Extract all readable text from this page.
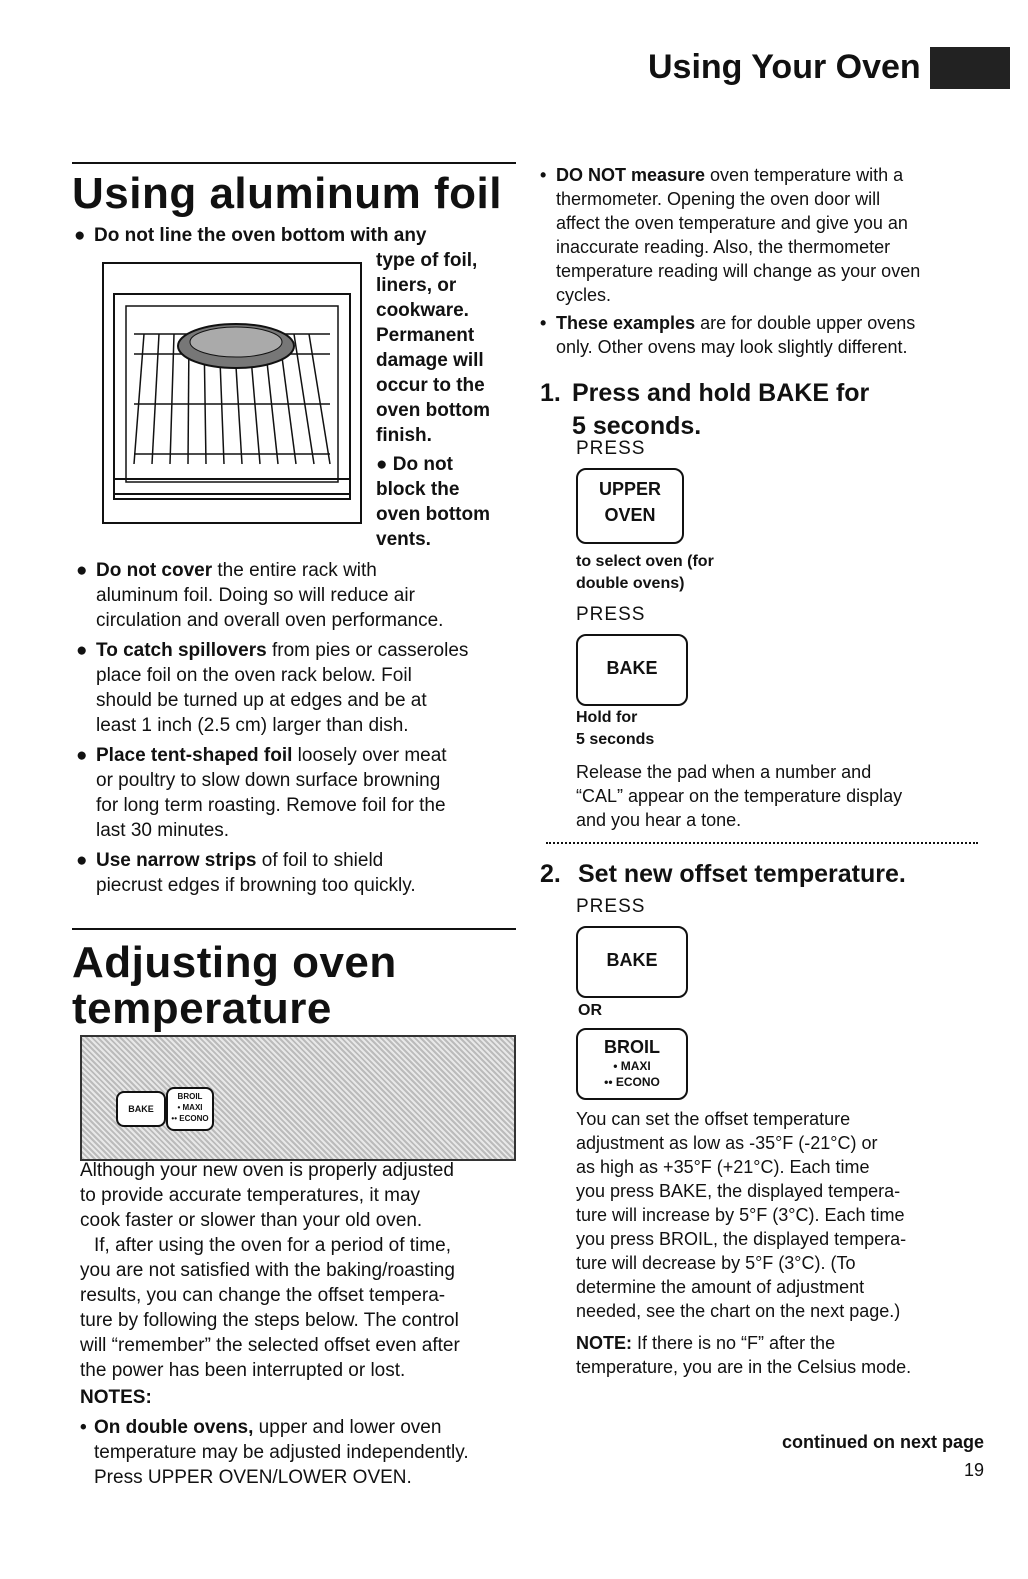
Using Your Oven
Using aluminum foil
● Do not line the oven bottom with any
type of foil,
liners, or
cookware.
Permanent
damage will
occur to the
oven bottom
finish.
● Do not
block the
oven bottom
vents.
● Do not cover the entire rack with
aluminum foil. Doing so will reduce air
circulation and overall oven performance.
● To catch spillovers from pies or casseroles
place foil on the oven rack below. Foil
should be turned up at edges and be at
least 1 inch (2.5 cm) larger than dish.
● Place tent-shaped foil loosely over meat
or poultry to slow down surface browning
for long term roasting. Remove foil for the
last 30 minutes.
● Use narrow strips of foil to shield
piecrust edges if browning too quickly.
Adjusting oven
temperature
BAKE
BROIL
• MAXI
•• ECONO
Although your new oven is properly adjusted
to provide accurate temperatures, it may
cook faster or slower than your old oven.
If, after using the oven for a period of time,
you are not satisfied with the baking/roasting
results, you can change the offset tempera-
ture by following the steps below. The control
will “remember” the selected offset even after
the power has been interrupted or lost.
NOTES:
• On double ovens, upper and lower oven
temperature may be adjusted independently.
Press UPPER OVEN/LOWER OVEN.
• DO NOT measure oven temperature with a
thermometer. Opening the oven door will
affect the oven temperature and give you an
inaccurate reading. Also, the thermometer
temperature reading will change as your oven
cycles.
• These examples are for double upper ovens
only. Other ovens may look slightly different.
1. Press and hold BAKE for
5 seconds.
PRESS
UPPER
OVEN
to select oven (for
double ovens)
PRESS
BAKE
Hold for
5 seconds
Release the pad when a number and
“CAL” appear on the temperature display
and you hear a tone.
2. Set new offset temperature.
PRESS
BAKE
OR
BROIL
• MAXI
•• ECONO
You can set the offset temperature
adjustment as low as -35°F (-21°C) or
as high as +35°F (+21°C). Each time
you press BAKE, the displayed tempera-
ture will increase by 5°F (3°C). Each time
you press BROIL, the displayed tempera-
ture will decrease by 5°F (3°C). (To
determine the amount of adjustment
needed, see the chart on the next page.)
NOTE: If there is no “F” after the
temperature, you are in the Celsius mode.
continued on next page
19
